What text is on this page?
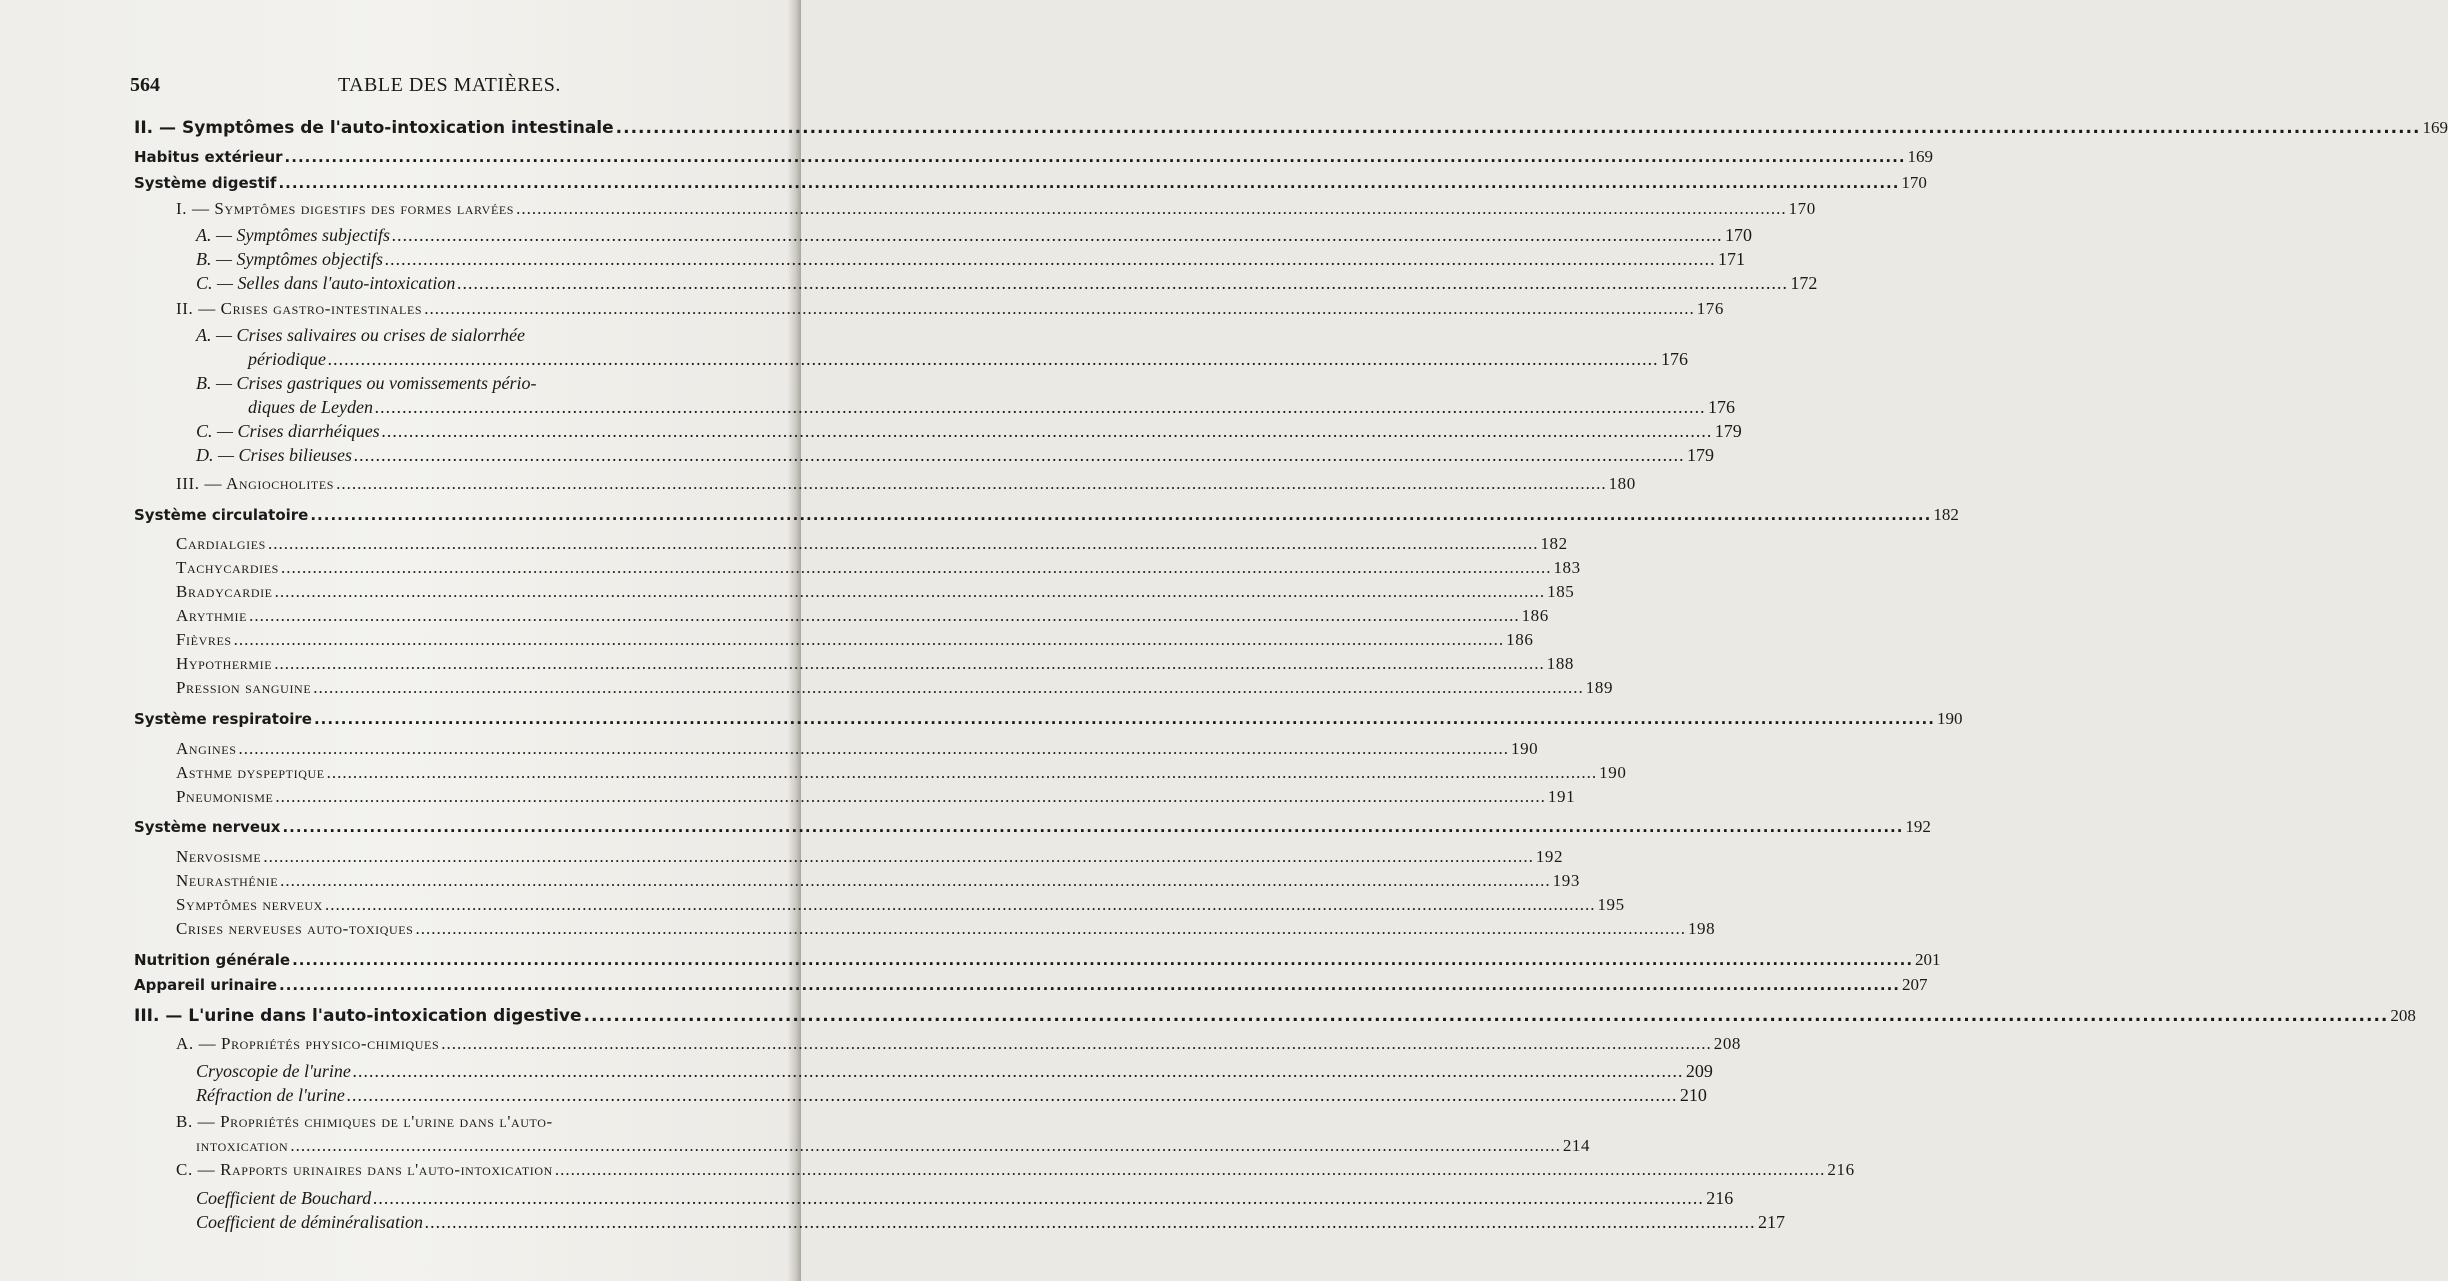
564	TABLE DES MATIÈRES.
II. — Symptômes de l'auto-intoxication intestinale .....	169
Habitus extérieur .....	169
Système digestif .....	170
I. — Symptômes digestifs des formes larvées .....	170
A. — Symptômes subjectifs .....	170
B. — Symptômes objectifs .....	171
C. — Selles dans l'auto-intoxication .....	172
II. — Crises gastro-intestinales .....	176
A. — Crises salivaires ou crises de sialorrhée
périodique .....	176
B. — Crises gastriques ou vomissements pério-
diques de Leyden .....	176
C. — Crises diarrhéiques .....	179
D. — Crises bilieuses .....	179
III. — Angiocholites .....	180
Système circulatoire .....	182
Cardialgies .....	182
Tachycardies .....	183
Bradycardie .....	185
Arythmie .....	186
Fièvres .....	186
Hypothermie .....	188
Pression sanguine .....	189
Système respiratoire .....	190
Angines .....	190
Asthme dyspeptique .....	190
Pneumonisme .....	191
Système nerveux .....	192
Nervosisme .....	192
Neurasthénie .....	193
Symptômes nerveux .....	195
Crises nerveuses auto-toxiques .....	198
Nutrition générale .....	201
Appareil urinaire .....	207
III. — L'urine dans l'auto-intoxication digestive .....	208
A. — Propriétés physico-chimiques .....	208
Cryoscopie de l'urine .....	209
Réfraction de l'urine .....	210
B. — Propriétés chimiques de l'urine dans l'auto-
intoxication .....	214
C. — Rapports urinaires dans l'auto-intoxication .....	216
Coefficient de Bouchard .....	216
Coefficient de déminéralisation .....	217
